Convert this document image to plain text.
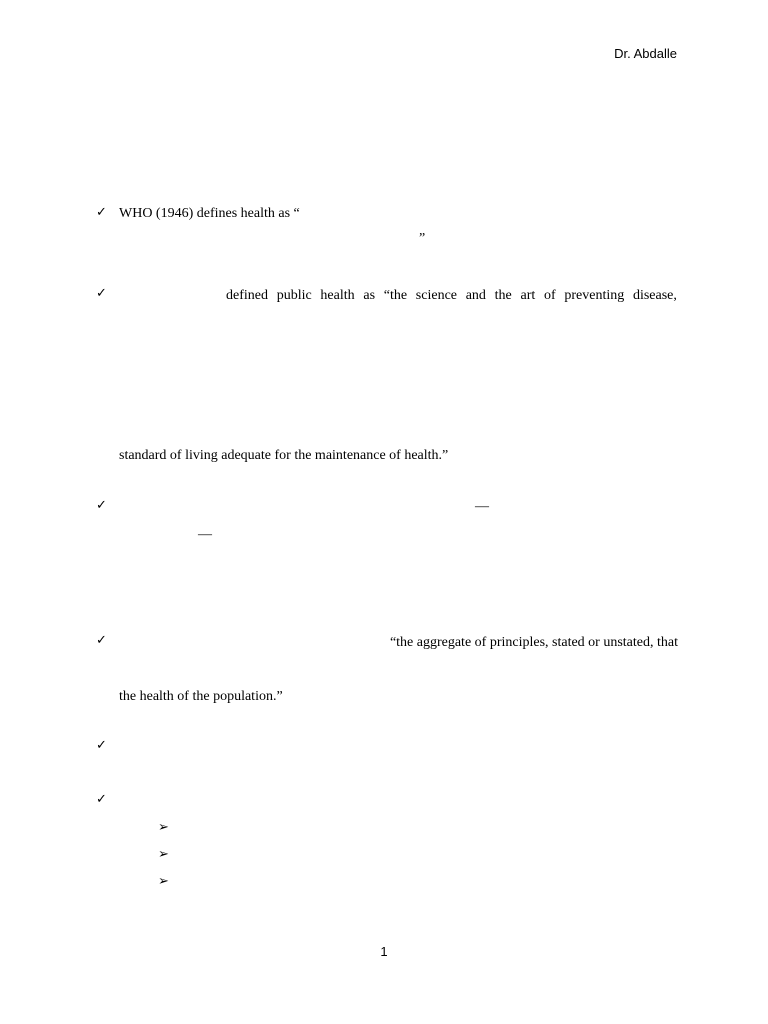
Dr. Abdalle
✓ WHO (1946) defines health as “
”
✓	defined public health as “the science and the art of preventing disease,
standard of living adequate for the maintenance of health.”
✓	—
—
✓	“the aggregate of principles, stated or unstated, that
the health of the population.”
✓
✓
➢
➢
➢
1
